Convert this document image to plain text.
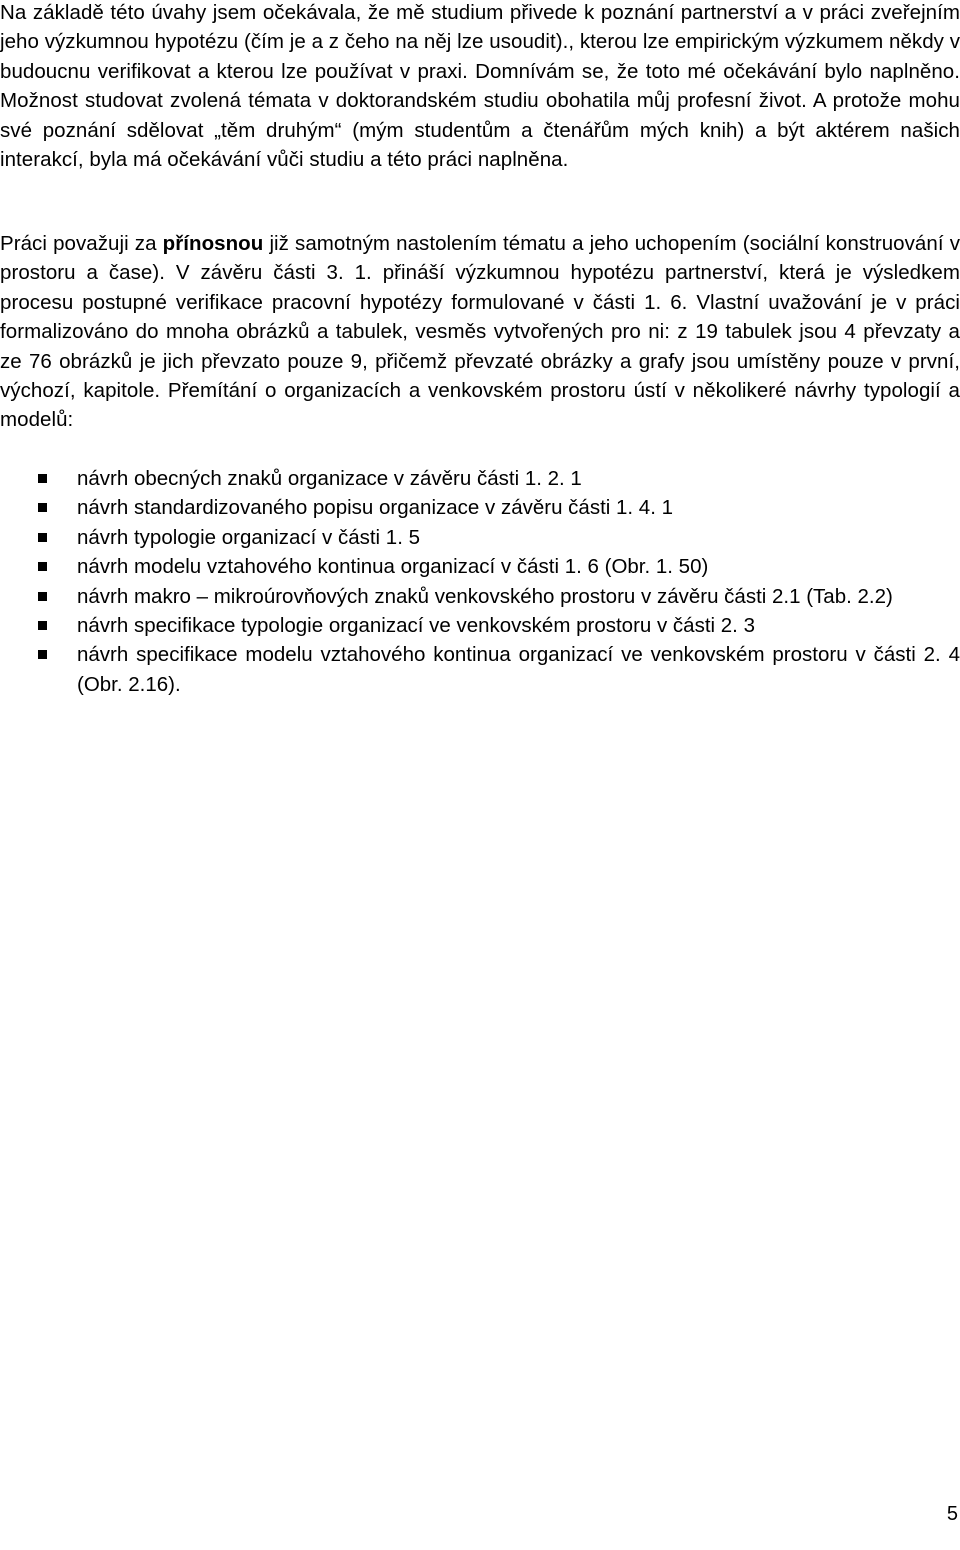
Na základě této úvahy jsem očekávala, že mě studium přivede k poznání partnerství a v práci zveřejním jeho výzkumnou hypotézu (čím je a z čeho na něj lze usoudit)., kterou lze empirickým výzkumem někdy v budoucnu verifikovat a kterou lze používat v praxi. Domnívám se, že toto mé očekávání bylo naplněno. Možnost studovat zvolená témata v doktorandském studiu obohatila můj profesní život. A protože mohu své poznání sdělovat „těm druhým“ (mým studentům a čtenářům mých knih) a být aktérem našich interakcí, byla má očekávání vůči studiu a této práci naplněna.

Práci považuji za přínosnou již samotným nastolením tématu a jeho uchopením (sociální konstruování v prostoru a čase). V závěru části 3. 1. přináší výzkumnou hypotézu partnerství, která je výsledkem procesu postupné verifikace pracovní hypotézy formulované v části 1. 6. Vlastní uvažování je v práci formalizováno do mnoha obrázků a tabulek, vesměs vytvořených pro ni: z 19 tabulek jsou 4 převzaty a ze 76 obrázků je jich převzato pouze 9, přičemž převzaté obrázky a grafy jsou umístěny pouze v první, výchozí, kapitole. Přemítání o organizacích a venkovském prostoru ústí v několikeré návrhy typologií a modelů:

návrh obecných znaků organizace v závěru části 1. 2. 1
návrh standardizovaného popisu organizace v závěru části 1. 4. 1
návrh typologie organizací v části 1. 5
návrh modelu vztahového kontinua organizací v části 1. 6 (Obr. 1. 50)
návrh makro – mikroúrovňových znaků venkovského prostoru v závěru části 2.1 (Tab. 2.2)
návrh specifikace typologie organizací ve venkovském prostoru v části 2. 3
návrh specifikace modelu vztahového kontinua organizací ve venkovském prostoru v části 2. 4 (Obr. 2.16).
5
